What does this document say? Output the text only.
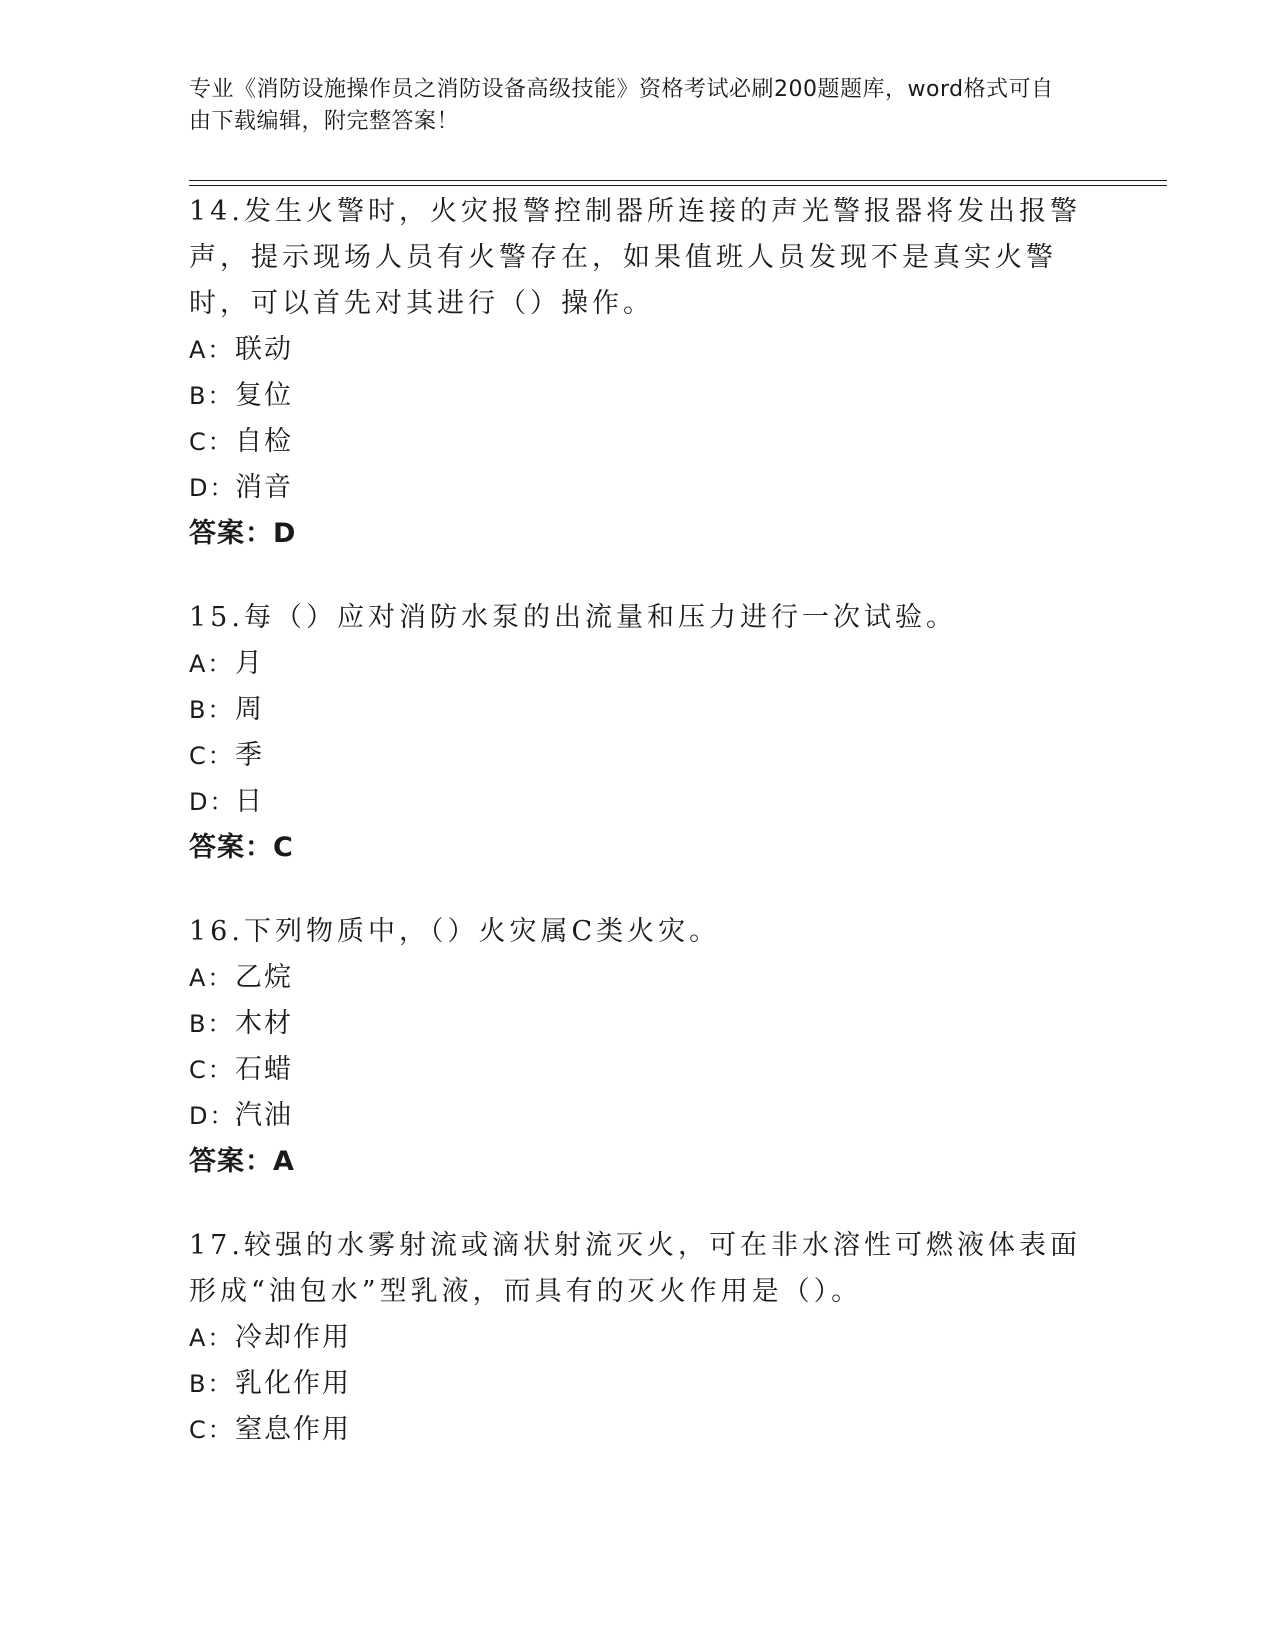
专业《消防设施操作员之消防设备高级技能》资格考试必刷200题题库，word格式可自由下载编辑，附完整答案！
14.发生火警时，火灾报警控制器所连接的声光警报器将发出报警声，提示现场人员有火警存在，如果值班人员发现不是真实火警时，可以首先对其进行（）操作。
A：联动
B：复位
C：自检
D：消音
答案：D
15.每（）应对消防水泵的出流量和压力进行一次试验。
A：月
B：周
C：季
D：日
答案：C
16.下列物质中，（）火灾属C类火灾。
A：乙烷
B：木材
C：石蜡
D：汽油
答案：A
17.较强的水雾射流或滴状射流灭火，可在非水溶性可燃液体表面形成“油包水”型乳液，而具有的灭火作用是（）。
A：冷却作用
B：乳化作用
C：窒息作用
